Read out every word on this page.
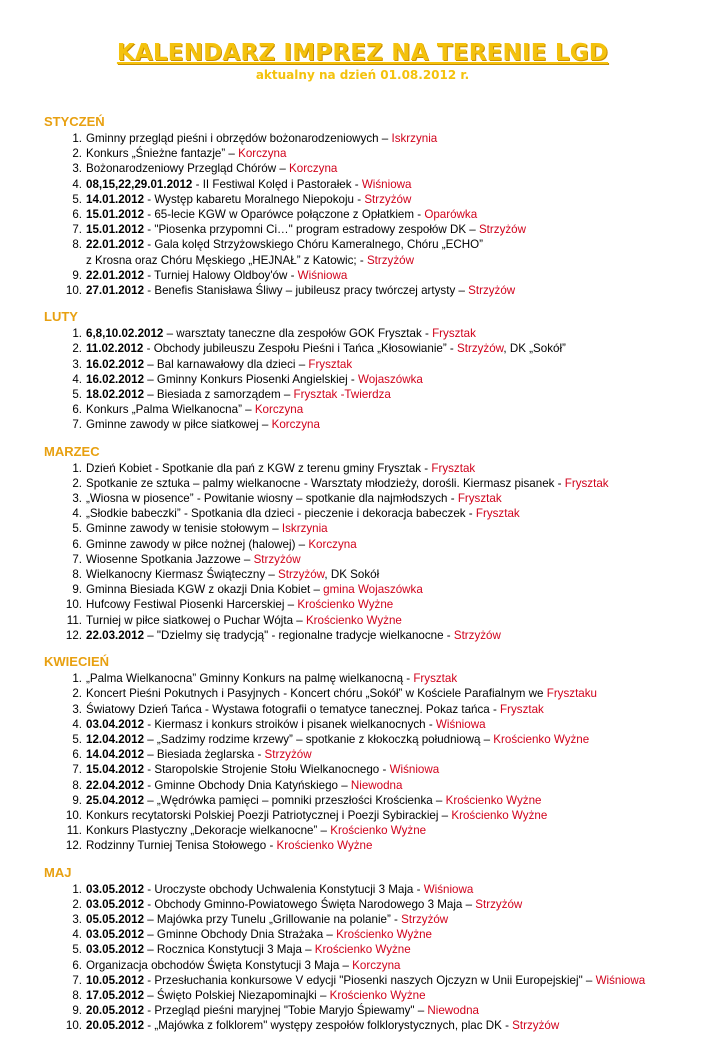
KALENDARZ IMPREZ NA TERENIE LGD
aktualny na dzień 01.08.2012 r.
STYCZEŃ
1. Gminny przegląd pieśni i obrzędów bożonarodzeniowych – Iskrzynia
2. Konkurs „Śnieżne fantazje” – Korczyna
3. Bożonarodzeniowy Przegląd Chórów – Korczyna
4. 08,15,22,29.01.2012 - II Festiwal Kolęd i Pastorałek - Wiśniowa
5. 14.01.2012 - Występ kabaretu Moralnego Niepokoju - Strzyżów
6. 15.01.2012 - 65-lecie KGW w Oparówce połączone z Opłatkiem - Oparówka
7. 15.01.2012 - "Piosenka przypomni Ci…" program estradowy zespołów DK – Strzyżów
8. 22.01.2012 - Gala kolęd Strzyżowskiego Chóru Kameralnego, Chóru „ECHO”
z Krosna oraz Chóru Męskiego „HEJNAŁ” z Katowic; - Strzyżów
9. 22.01.2012 - Turniej Halowy Oldboy'ów - Wiśniowa
10. 27.01.2012 - Benefis Stanisława Śliwy – jubileusz pracy twórczej artysty – Strzyżów
LUTY
1. 6,8,10.02.2012 – warsztaty taneczne dla zespołów GOK Frysztak - Frysztak
2. 11.02.2012 - Obchody jubileuszu Zespołu Pieśni i Tańca „Kłosowianie” - Strzyżów, DK „Sokół”
3. 16.02.2012 – Bal karnawałowy dla dzieci – Frysztak
4. 16.02.2012 – Gminny Konkurs Piosenki Angielskiej - Wojaszówka
5. 18.02.2012 – Biesiada z samorządem – Frysztak -Twierdza
6. Konkurs „Palma Wielkanocna” – Korczyna
7. Gminne zawody w piłce siatkowej – Korczyna
MARZEC
1. Dzień Kobiet - Spotkanie dla pań z KGW z terenu gminy Frysztak - Frysztak
2. Spotkanie ze sztuka – palmy wielkanocne - Warsztaty młodzieży, dorośli. Kiermasz pisanek - Frysztak
3. „Wiosna w piosence” - Powitanie wiosny – spotkanie dla najmłodszych - Frysztak
4. „Słodkie babeczki” - Spotkania dla dzieci - pieczenie i dekoracja babeczek - Frysztak
5. Gminne zawody w tenisie stołowym – Iskrzynia
6. Gminne zawody w piłce nożnej (halowej) – Korczyna
7. Wiosenne Spotkania Jazzowe – Strzyżów
8. Wielkanocny Kiermasz Świąteczny – Strzyżów, DK Sokół
9. Gminna Biesiada KGW z okazji Dnia Kobiet – gmina Wojaszówka
10. Hufcowy Festiwal Piosenki Harcerskiej – Krościenko Wyżne
11. Turniej w piłce siatkowej o Puchar Wójta – Krościenko Wyżne
12. 22.03.2012 – "Dzielmy się tradycją" - regionalne tradycje wielkanocne - Strzyżów
KWIECIEŃ
1. „Palma Wielkanocna” Gminny Konkurs na palmę wielkanocną - Frysztak
2. Koncert Pieśni Pokutnych i Pasyjnych - Koncert chóru „Sokół” w Kościele Parafialnym we Frysztaku
3. Światowy Dzień Tańca - Wystawa fotografii o tematyce tanecznej. Pokaz tańca - Frysztak
4. 03.04.2012 - Kiermasz i konkurs stroików i pisanek wielkanocnych - Wiśniowa
5. 12.04.2012 – „Sadzimy rodzime krzewy” – spotkanie z kłokoczką południową – Krościenko Wyżne
6. 14.04.2012 – Biesiada żeglarska - Strzyżów
7. 15.04.2012 - Staropolskie Strojenie Stołu Wielkanocnego - Wiśniowa
8. 22.04.2012 - Gminne Obchody Dnia Katyńskiego – Niewodna
9. 25.04.2012 – „Wędrówka pamięci – pomniki przeszłości Krościenka – Krościenko Wyżne
10. Konkurs recytatorski Polskiej Poezji Patriotycznej i Poezji Sybirackiej – Krościenko Wyżne
11. Konkurs Plastyczny „Dekoracje wielkanocne” – Krościenko Wyżne
12. Rodzinny Turniej Tenisa Stołowego - Krościenko Wyżne
MAJ
1. 03.05.2012 - Uroczyste obchody Uchwalenia Konstytucji 3 Maja - Wiśniowa
2. 03.05.2012 - Obchody Gminno-Powiatowego Święta Narodowego 3 Maja – Strzyżów
3. 05.05.2012 – Majówka przy Tunelu „Grillowanie na polanie” - Strzyżów
4. 03.05.2012 – Gminne Obchody Dnia Strażaka – Krościenko Wyżne
5. 03.05.2012 – Rocznica Konstytucji 3 Maja – Krościenko Wyżne
6. Organizacja obchodów Święta Konstytucji 3 Maja – Korczyna
7. 10.05.2012 - Przesłuchania konkursowe V edycji "Piosenki naszych Ojczyzn w Unii Europejskiej" – Wiśniowa
8. 17.05.2012 – Święto Polskiej Niezapominajki – Krościenko Wyżne
9. 20.05.2012 - Przegląd pieśni maryjnej "Tobie Maryjo Śpiewamy" – Niewodna
10. 20.05.2012 - „Majówka z folklorem" występy zespołów folklorystycznych, plac DK - Strzyżów
